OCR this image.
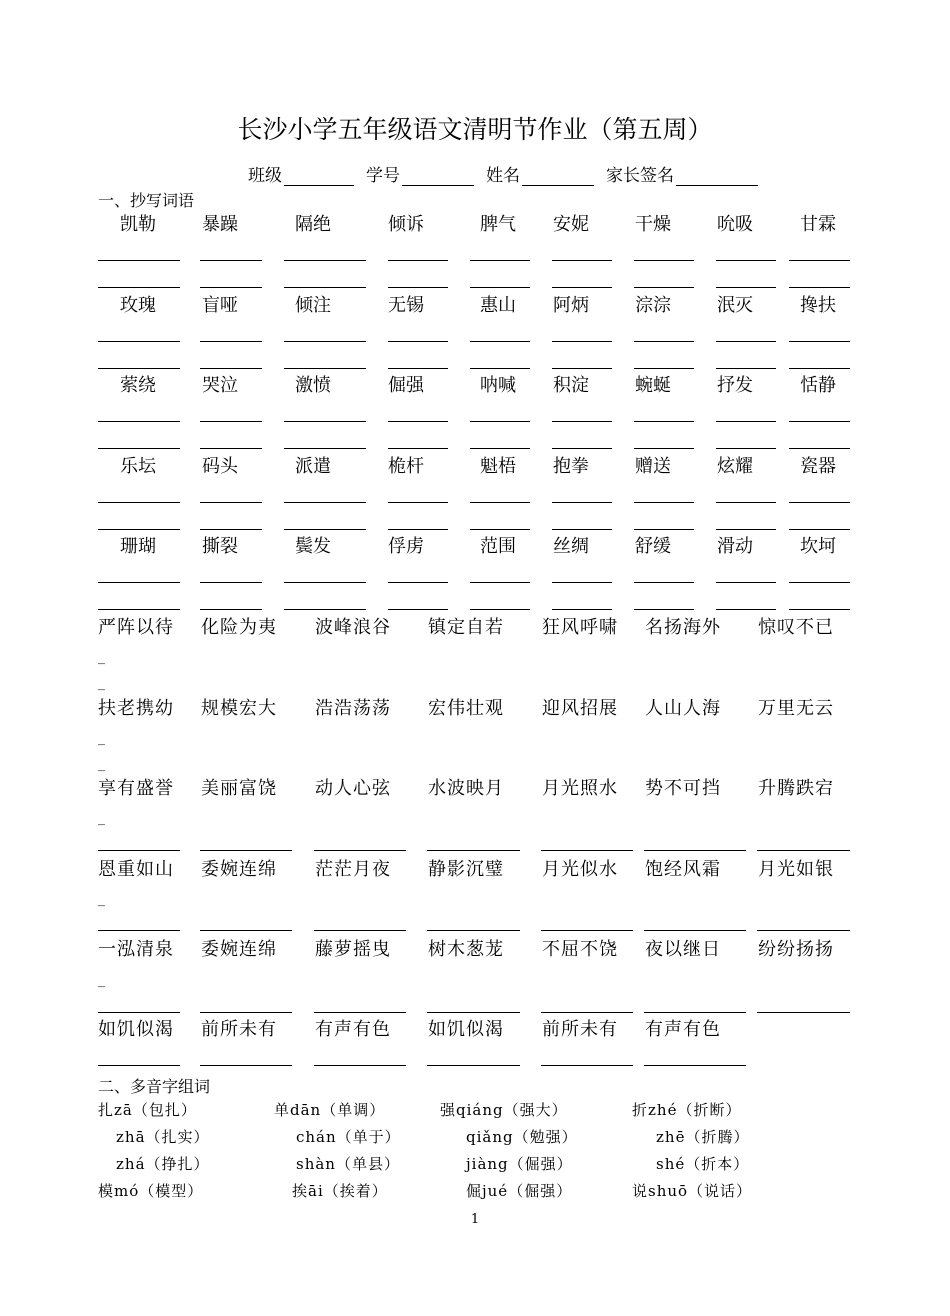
长沙小学五年级语文清明节作业（第五周）
班级	学号	姓名	家长签名
一、抄写词语
凯勒	暴躁	隔绝	倾诉	脾气 安妮	干燥	吮吸	甘霖
玫瑰	盲哑	倾注	无锡	惠山 阿炳	淙淙	泯灭	搀扶
萦绕	哭泣	激愤	倔强	呐喊 积淀	蜿蜒	抒发	恬静
乐坛	码头	派遣	桅杆	魁梧 抱拳	赠送	炫耀	瓷器
珊瑚	撕裂	鬓发	俘虏	范围 丝绸	舒缓	滑动	坎坷
严阵以待 化险为夷 波峰浪谷 镇定自若 狂风呼啸 名扬海外 惊叹不已
扶老携幼 规模宏大 浩浩荡荡 宏伟壮观 迎风招展 人山人海 万里无云
享有盛誉 美丽富饶 动人心弦 水波映月 月光照水 势不可挡 升腾跌宕
恩重如山 委婉连绵 茫茫月夜 静影沉璧 月光似水 饱经风霜 月光如银
一泓清泉 委婉连绵 藤萝摇曳 树木葱茏 不屈不饶 夜以继日 纷纷扬扬
如饥似渴 前所未有 有声有色 如饥似渴 前所未有 有声有色
_
_
_
_
_
_
_
二、多音字组词
扎zā（包扎）	单dān（单调）	强qiáng（强大）	折zhé（折断）
zhā（扎实）	chán（单于）	qiǎng（勉强）	zhē（折腾）
zhá（挣扎）	shàn（单县）	jiàng（倔强）	shé（折本）
模mó（模型）	挨āi（挨着）	倔jué（倔强）	说shuō（说话）
1
